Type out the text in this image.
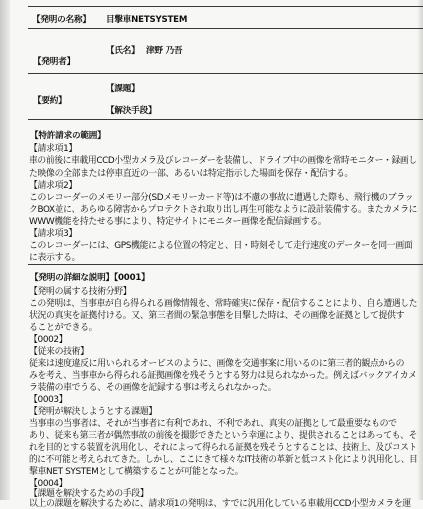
【発明の名称】 目撃車NETSYSTEM
【氏名】 津野 乃吾
【発明者】
【課題】
【要約】
【解決手段】
【特許請求の範囲】
【請求項1】
車の前後に車載用CCD小型カメラ及びレコーダーを装備し、ドライブ中の画像を常時モニター・録画し
た映像の全部または停車直近の一部、あるいは特定指示した場面を保存・配信する。
【請求項2】
このレコーダーのメモリー部分(SDメモリーカード等)は不慮の事故に遭遇した際も、飛行機のブラッ
クBOX並に、あらゆる障害からプロテクトされ取り出し再生可能なように設計装備する。またカメラに
WWW機能を持たせる事により、特定サイトにモニター画像を配信録画する。
【請求項3】
このレコーダーには、GPS機能による位置の特定と、日・時刻そして走行速度のデーターを同一画面
に表示する。
【発明の詳細な説明】【0001】
【発明の属する技術分野】
この発明は、当事車が自ら得られる画像情報を、常時確実に保存・配信することにより、自ら遭遇した
状況の真実を証拠付ける。又、第三者間の緊急事態を目撃した時は、その画像を証拠として提供す
ることができる。
【0002】
【従来の技術】
従来は速度違反に用いられるオービスのように、画像を交通事案に用いるのに第三者的観点からの
みを考え、当事車から得られる証拠画像を残そうとする努力は見られなかった。例えばバックアイカメ
ラ装備の車でうる、その画像を記録する事は考えられなかった。
【0003】
【発明が解決しようとする課題】
当事車の当事者は、それが当事者に有利であれ、不利であれ、真実の証拠として最重要なもので
あり、従来も第三者が偶然事故の前後を撮影できたという幸運により、提供されることはあっても、そ
れを目的とする装置を汎用化し、それによって得られる証拠を残そうとすることは、技術上、及びコスト
的に不可能と考えられてきた。しかし、ここにきて様々なIT技術の革新と低コスト化により汎用化し、目
撃車NET SYSTEMとして構築することが可能となった。
【0004】
【課題を解決するための手段】
以上の課題を解決するために、請求項1の発明は、すでに汎用化している車載用CCD小型カメラを運
